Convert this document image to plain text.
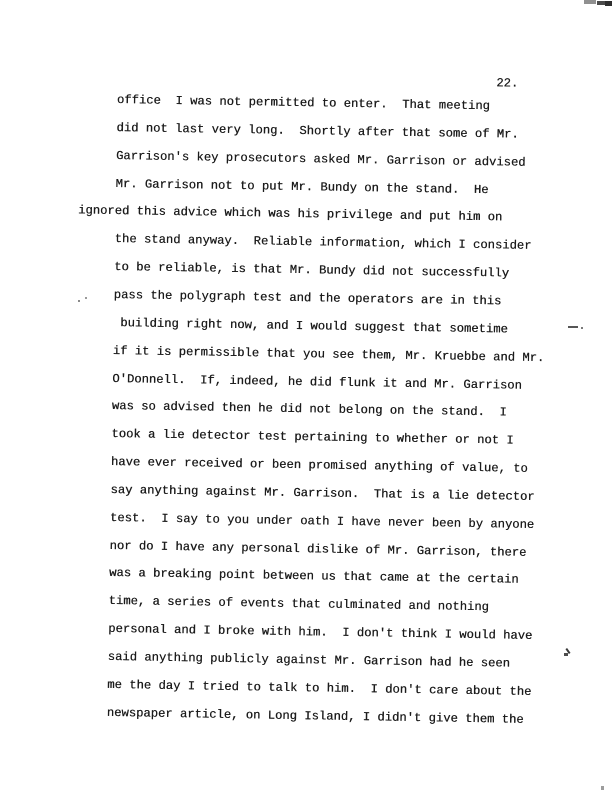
22.
office  I was not permitted to enter.  That meeting
did not last very long.  Shortly after that some of Mr.
Garrison's key prosecutors asked Mr. Garrison or advised
Mr. Garrison not to put Mr. Bundy on the stand.  He
ignored this advice which was his privilege and put him on
the stand anyway.  Reliable information, which I consider
to be reliable, is that Mr. Bundy did not successfully
pass the polygraph test and the operators are in this
building right now, and I would suggest that sometime
if it is permissible that you see them, Mr. Kruebbe and Mr.
O'Donnell.  If, indeed, he did flunk it and Mr. Garrison
was so advised then he did not belong on the stand.  I
took a lie detector test pertaining to whether or not I
have ever received or been promised anything of value, to
say anything against Mr. Garrison.  That is a lie detector
test.  I say to you under oath I have never been by anyone
nor do I have any personal dislike of Mr. Garrison, there
was a breaking point between us that came at the certain
time, a series of events that culminated and nothing
personal and I broke with him.  I don't think I would have
said anything publicly against Mr. Garrison had he seen
me the day I tried to talk to him.  I don't care about the
newspaper article, on Long Island, I didn't give them the
